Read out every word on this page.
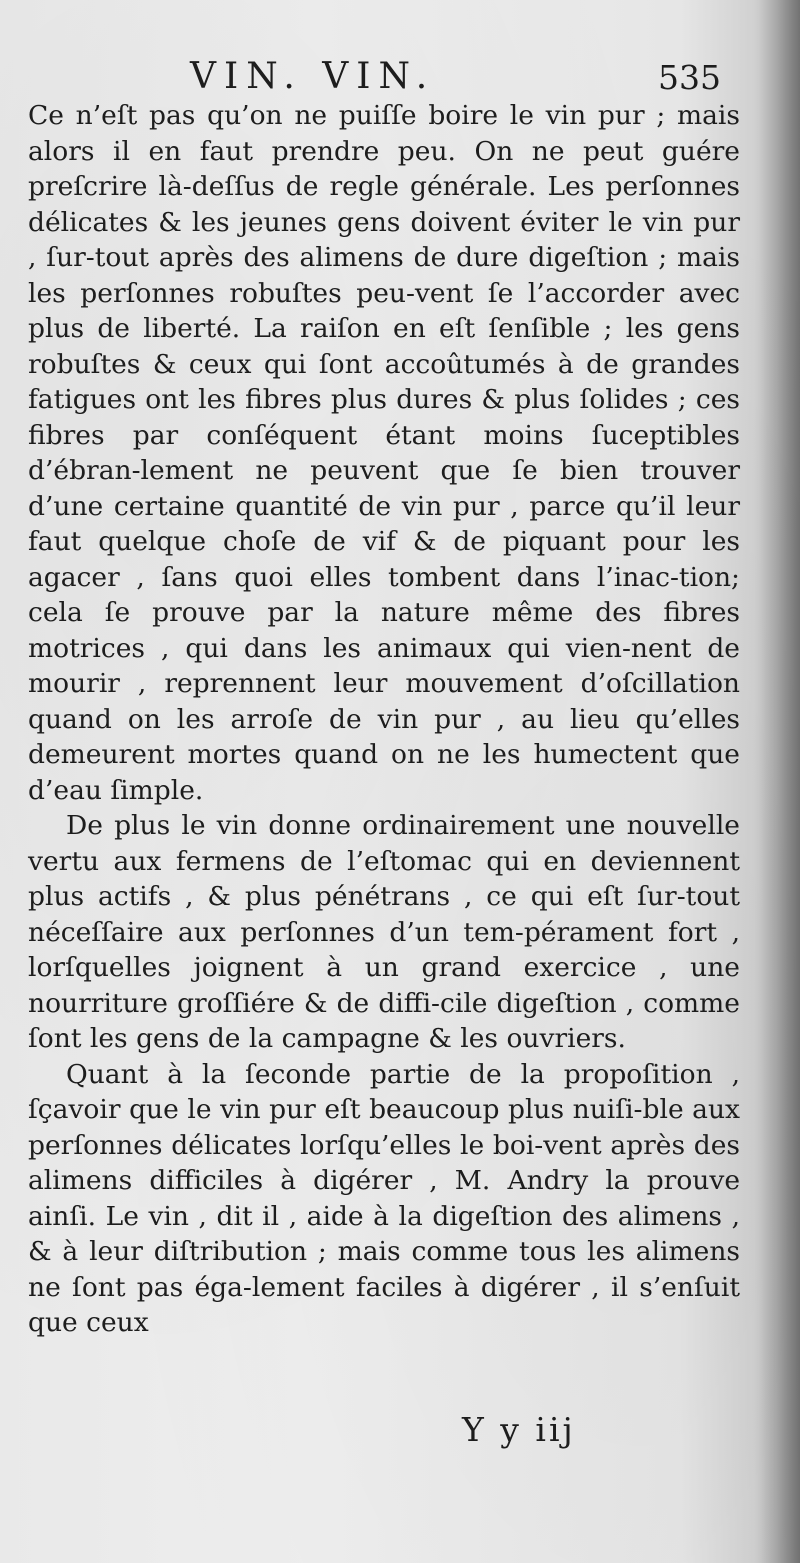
VIN. VIN.	535

Ce n’eſt pas qu’on ne puiſſe boire le vin pur ; mais alors il en faut prendre peu. On ne peut guére preſcrire là-deſſus de regle générale. Les perſonnes délicates & les jeunes gens doivent éviter le vin pur , ſur-tout après des alimens de dure digeſtion ; mais les perſonnes robuſtes peu-vent ſe l’accorder avec plus de liberté. La raiſon en eſt ſenſible ; les gens robuſtes & ceux qui ſont accoûtumés à de grandes fatigues ont les fibres plus dures & plus ſolides ; ces fibres par conſéquent étant moins ſuceptibles d’ébran-lement ne peuvent que ſe bien trouver d’une certaine quantité de vin pur , parce qu’il leur faut quelque choſe de vif & de piquant pour les agacer , ſans quoi elles tombent dans l’inac-tion; cela ſe prouve par la nature même des fibres motrices , qui dans les animaux qui vien-nent de mourir , reprennent leur mouvement d’oſcillation quand on les arroſe de vin pur , au lieu qu’elles demeurent mortes quand on ne les humectent que d’eau ſimple.

De plus le vin donne ordinairement une nouvelle vertu aux fermens de l’eſtomac qui en deviennent plus actifs , & plus pénétrans , ce qui eſt ſur-tout néceſſaire aux perſonnes d’un tem-pérament fort , lorſquelles joignent à un grand exercice , une nourriture groſſiére & de diffi-cile digeſtion , comme ſont les gens de la campagne & les ouvriers.

Quant à la ſeconde partie de la propoſition , ſçavoir que le vin pur eſt beaucoup plus nuiſi-ble aux perſonnes délicates lorſqu’elles le boi-vent après des alimens difficiles à digérer , M. Andry la prouve ainſi. Le vin , dit il , aide à la digeſtion des alimens , & à leur diſtribution ; mais comme tous les alimens ne ſont pas éga-lement faciles à digérer , il s’enſuit que ceux

Y y iij
